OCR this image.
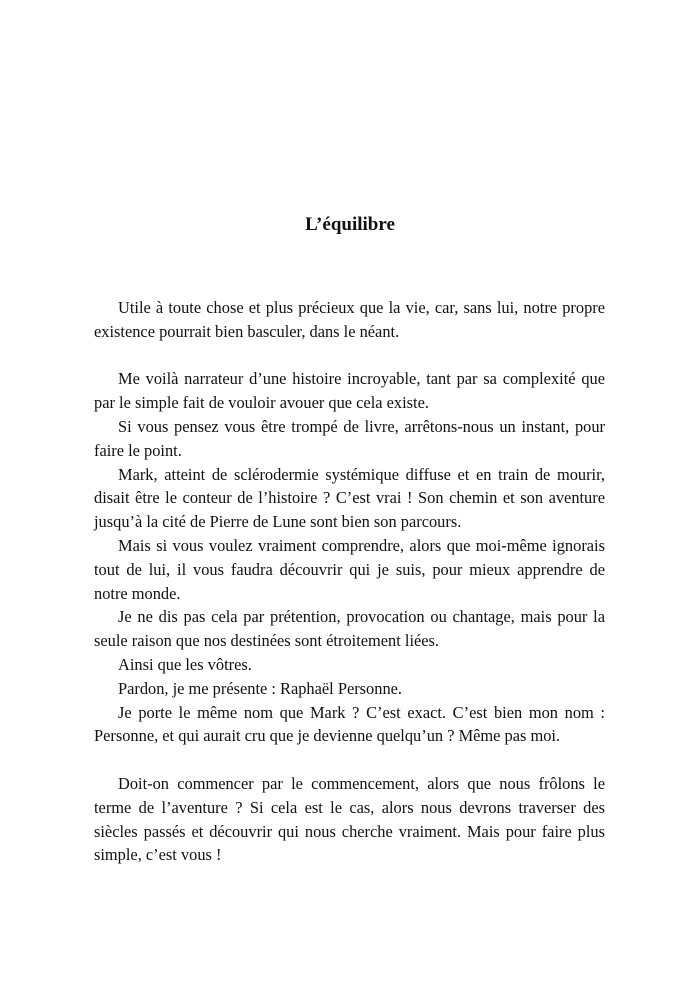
L’équilibre

Utile à toute chose et plus précieux que la vie, car, sans lui, notre propre existence pourrait bien basculer, dans le néant.

Me voilà narrateur d’une histoire incroyable, tant par sa complexité que par le simple fait de vouloir avouer que cela existe.

Si vous pensez vous être trompé de livre, arrêtons-nous un instant, pour faire le point.

Mark, atteint de sclérodermie systémique diffuse et en train de mourir, disait être le conteur de l’histoire ? C’est vrai ! Son chemin et son aventure jusqu’à la cité de Pierre de Lune sont bien son parcours.

Mais si vous voulez vraiment comprendre, alors que moi-même ignorais tout de lui, il vous faudra découvrir qui je suis, pour mieux apprendre de notre monde.

Je ne dis pas cela par prétention, provocation ou chantage, mais pour la seule raison que nos destinées sont étroitement liées.

Ainsi que les vôtres.

Pardon, je me présente : Raphaël Personne.

Je porte le même nom que Mark ? C’est exact. C’est bien mon nom : Personne, et qui aurait cru que je devienne quelqu’un ? Même pas moi.

Doit-on commencer par le commencement, alors que nous frôlons le terme de l’aventure ? Si cela est le cas, alors nous devrons traverser des siècles passés et découvrir qui nous cherche vraiment. Mais pour faire plus simple, c’est vous !
